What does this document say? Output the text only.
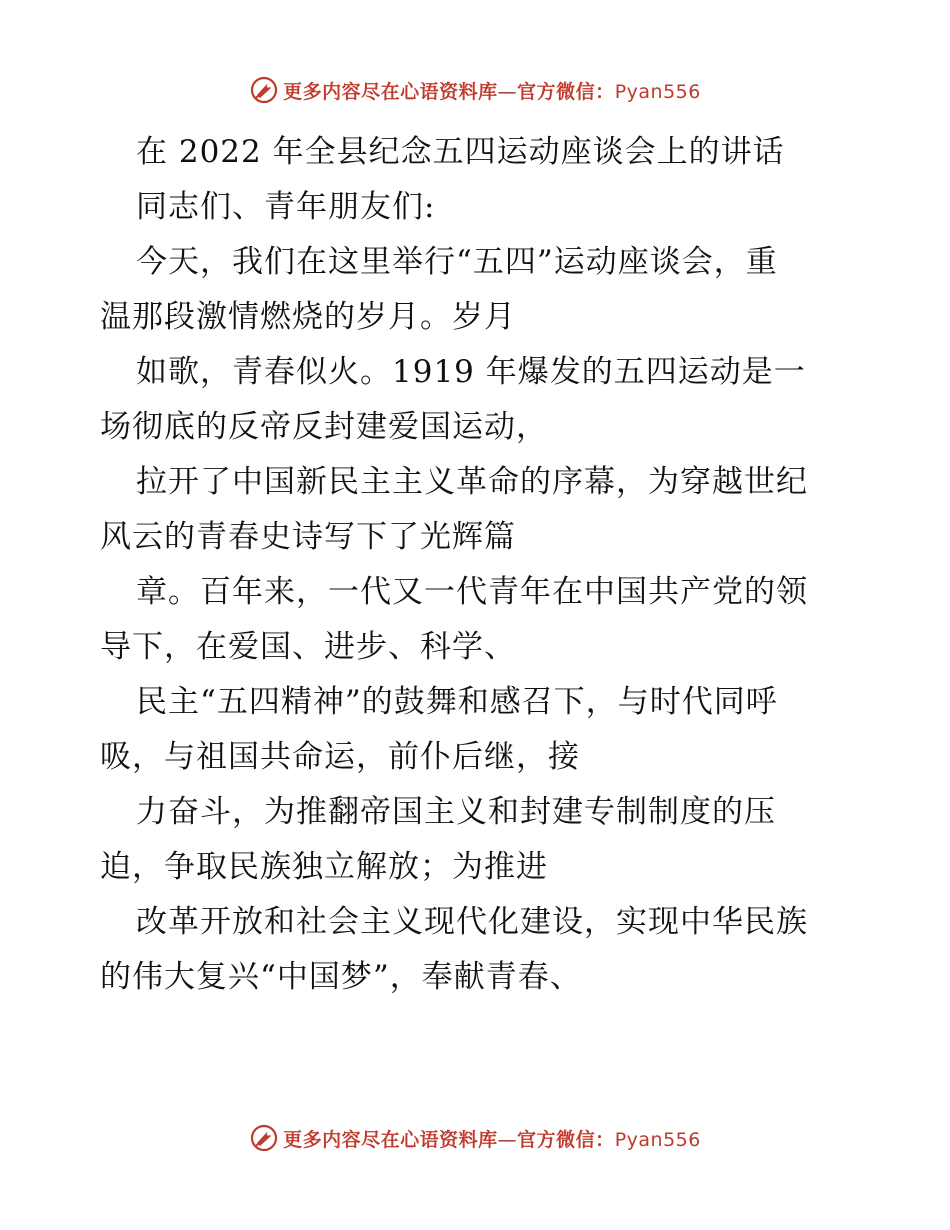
更多内容尽在心语资料库—官方微信：Pyan556
在 2022 年全县纪念五四运动座谈会上的讲话
同志们、青年朋友们:
今天，我们在这里举行“五四”运动座谈会，重
温那段激情燃烧的岁月。岁月
如歌，青春似火。1919 年爆发的五四运动是一
场彻底的反帝反封建爱国运动，
拉开了中国新民主主义革命的序幕，为穿越世纪
风云的青春史诗写下了光辉篇
章。百年来，一代又一代青年在中国共产党的领
导下，在爱国、进步、科学、
民主“五四精神”的鼓舞和感召下，与时代同呼
吸，与祖国共命运，前仆后继，接
力奋斗，为推翻帝国主义和封建专制制度的压
迫，争取民族独立解放；为推进
改革开放和社会主义现代化建设，实现中华民族
的伟大复兴“中国梦”，奉献青春、
更多内容尽在心语资料库—官方微信：Pyan556
